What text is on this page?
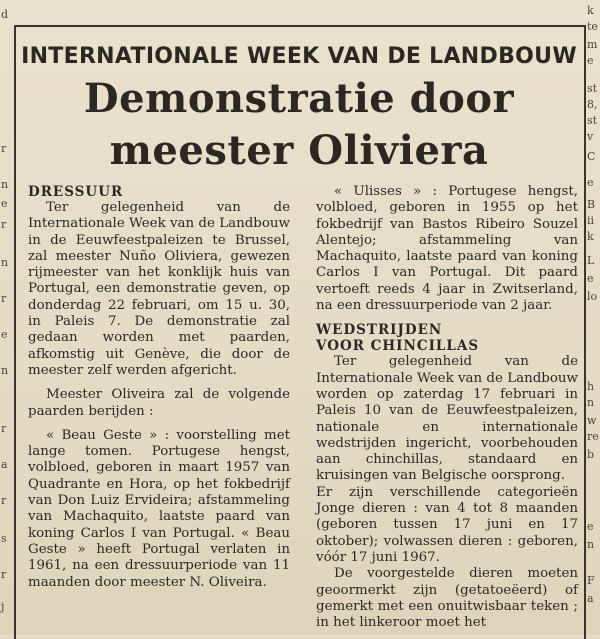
d
r
n
e
r
n
r
e
n
r
a
r
s
r
j
k
te
m
e
st
8,
st
v
C
e
B
ii
k
L
e
lo
h
n
w
re
b
e
n
F
a
INTERNATIONALE WEEK VAN DE LANDBOUW
Demonstratie door
meester Oliviera

DRESSUUR

Ter gelegenheid van de Internationale Week van de Landbouw in de Eeuwfeestpaleizen te Brussel, zal meester Nuño Oliviera, gewezen rijmeester van het konklijk huis van Portugal, een demonstratie geven, op donderdag 22 februari, om 15 u. 30, in Paleis 7. De demonstratie zal gedaan worden met paarden, afkomstig uit Genève, die door de meester zelf werden afgericht.

Meester Oliveira zal de volgende paarden berijden :

« Beau Geste » : voorstelling met lange tomen. Portugese hengst, volbloed, geboren in maart 1957 van Quadrante en Hora, op het fokbedrijf van Don Luiz Ervideira; afstammeling van Machaquito, laatste paard van koning Carlos I van Portugal. « Beau Geste » heeft Portugal verlaten in 1961, na een dressuurperiode van 11 maanden door meester N. Oliveira.

« Ulisses » : Portugese hengst, volbloed, geboren in 1955 op het fokbedrijf van Bastos Ribeiro Souzel Alentejo; afstammeling van Machaquito, laatste paard van koning Carlos I van Portugal. Dit paard vertoeft reeds 4 jaar in Zwitserland, na een dressuurperiode van 2 jaar.

WEDSTRIJDEN

VOOR CHINCILLAS

Ter gelegenheid van de Internationale Week van de Landbouw worden op zaterdag 17 februari in Paleis 10 van de Eeuwfeestpaleizen, nationale en internationale wedstrijden ingericht, voorbehouden aan chinchillas, standaard en kruisingen van Belgische oorsprong.

Er zijn verschillende categorieën Jonge dieren : van 4 tot 8 maanden (geboren tussen 17 juni en 17 oktober); volwassen dieren : geboren, vóór 17 juni 1967.

De voorgestelde dieren moeten geoormerkt zijn (getatoeëerd) of gemerkt met een onuitwisbaar teken ; in het linkeroor moet het
